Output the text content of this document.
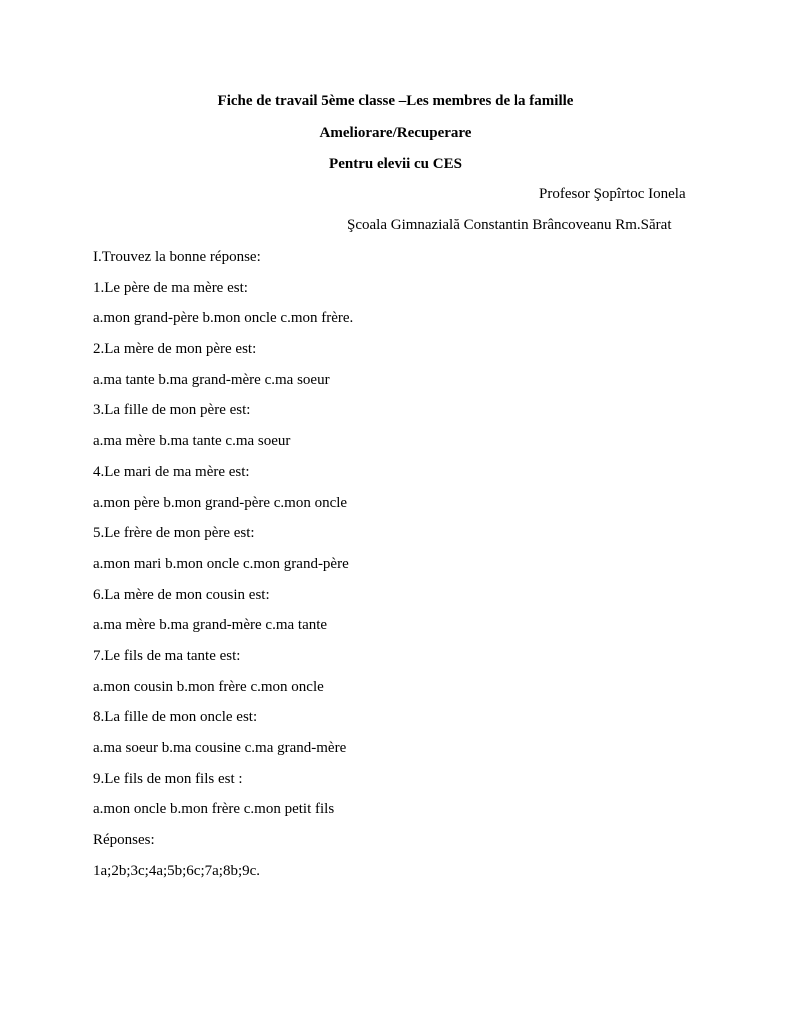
Fiche de travail 5ème classe –Les membres de la famille
Ameliorare/Recuperare
Pentru elevii cu CES
Profesor Şopîrtoc Ionela
Şcoala Gimnazială Constantin Brâncoveanu Rm.Sărat
I.Trouvez la bonne réponse:
1.Le père de ma mère est:
a.mon grand-père b.mon oncle c.mon frère.
2.La mère de mon père est:
a.ma tante b.ma grand-mère c.ma soeur
3.La fille de mon père est:
a.ma mère b.ma tante c.ma soeur
4.Le mari de ma mère est:
a.mon père b.mon grand-père c.mon oncle
5.Le frère de mon père est:
a.mon mari b.mon oncle c.mon grand-père
6.La mère de mon cousin est:
a.ma mère b.ma grand-mère c.ma tante
7.Le fils de ma tante est:
a.mon cousin b.mon frère c.mon oncle
8.La fille de mon oncle est:
a.ma soeur b.ma cousine c.ma grand-mère
9.Le fils de mon fils est :
a.mon oncle b.mon frère c.mon petit fils
Réponses:
1a;2b;3c;4a;5b;6c;7a;8b;9c.
